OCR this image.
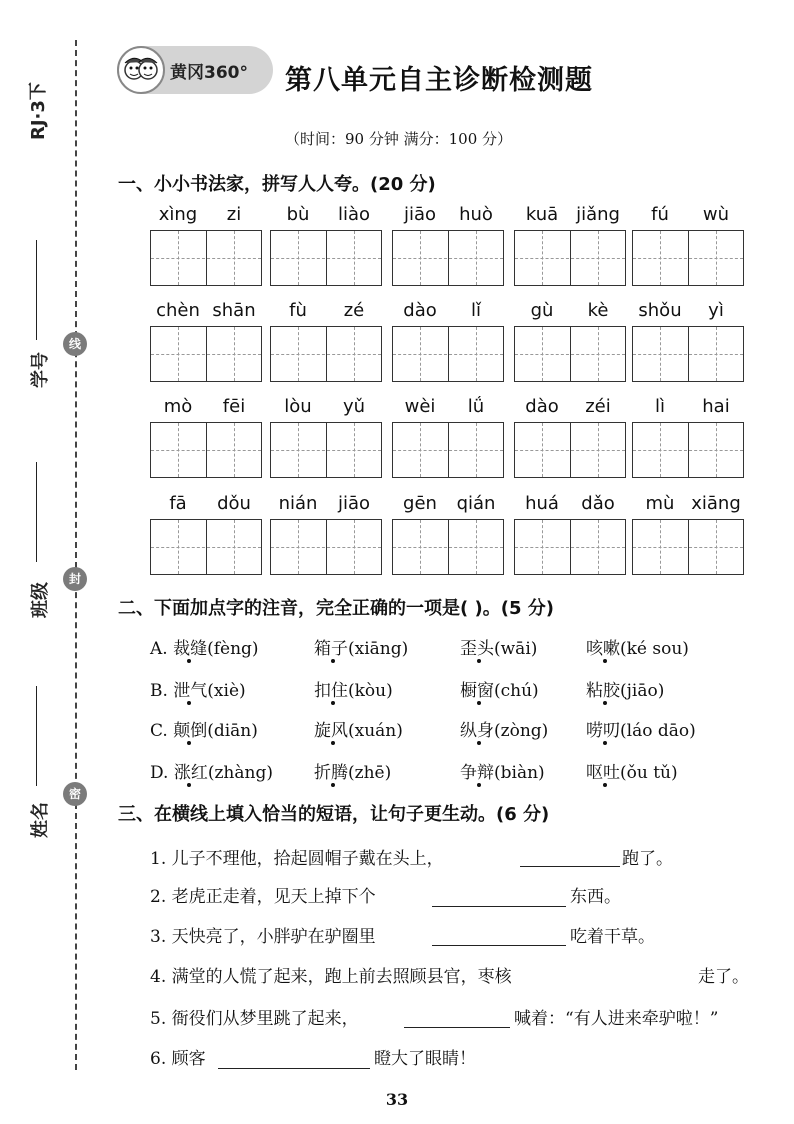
RJ·3下
学号
班级
姓名
线
封
密
黄冈360° 第八单元自主诊断检测题
（时间：90 分钟 满分：100 分）
一、小小书法家，拼写人人夸。(20 分)
xìng	zi	bù	liào	jiāo	huò	kuā jiǎng	fú	wù
chèn shān	fù	zé	dào	lǐ	gù	kè	shǒu	yì
mò	fēi	lòu	yǔ	wèi	lǘ	dào	zéi	lì	hai
fā	dǒu	nián	jiāo	gēn	qián	huá	dǎo	mù xiāng
二、下面加点字的注音，完全正确的一项是( )。(5 分)
A. 裁缝(fèng)	箱子(xiāng)	歪头(wāi)	咳嗽(ké sou)
B. 泄气(xiè)	扣住(kòu)	橱窗(chú)	粘胶(jiāo)
C. 颠倒(diān)	旋风(xuán)	纵身(zòng) 唠叨(láo dāo)
D. 涨红(zhàng) 折腾(zhē)	争辩(biàn) 呕吐(ǒu tǔ)
三、在横线上填入恰当的短语，让句子更生动。(6 分)
1. 儿子不理他，拾起圆帽子戴在头上，	跑了。
2. 老虎正走着，见天上掉下个	东西。
3. 天快亮了，小胖驴在驴圈里	吃着干草。
4. 满堂的人慌了起来，跑上前去照顾县官，枣核	走了。
5. 衙役们从梦里跳了起来，	喊着：“有人进来牵驴啦！”
6. 顾客	瞪大了眼睛！
33
